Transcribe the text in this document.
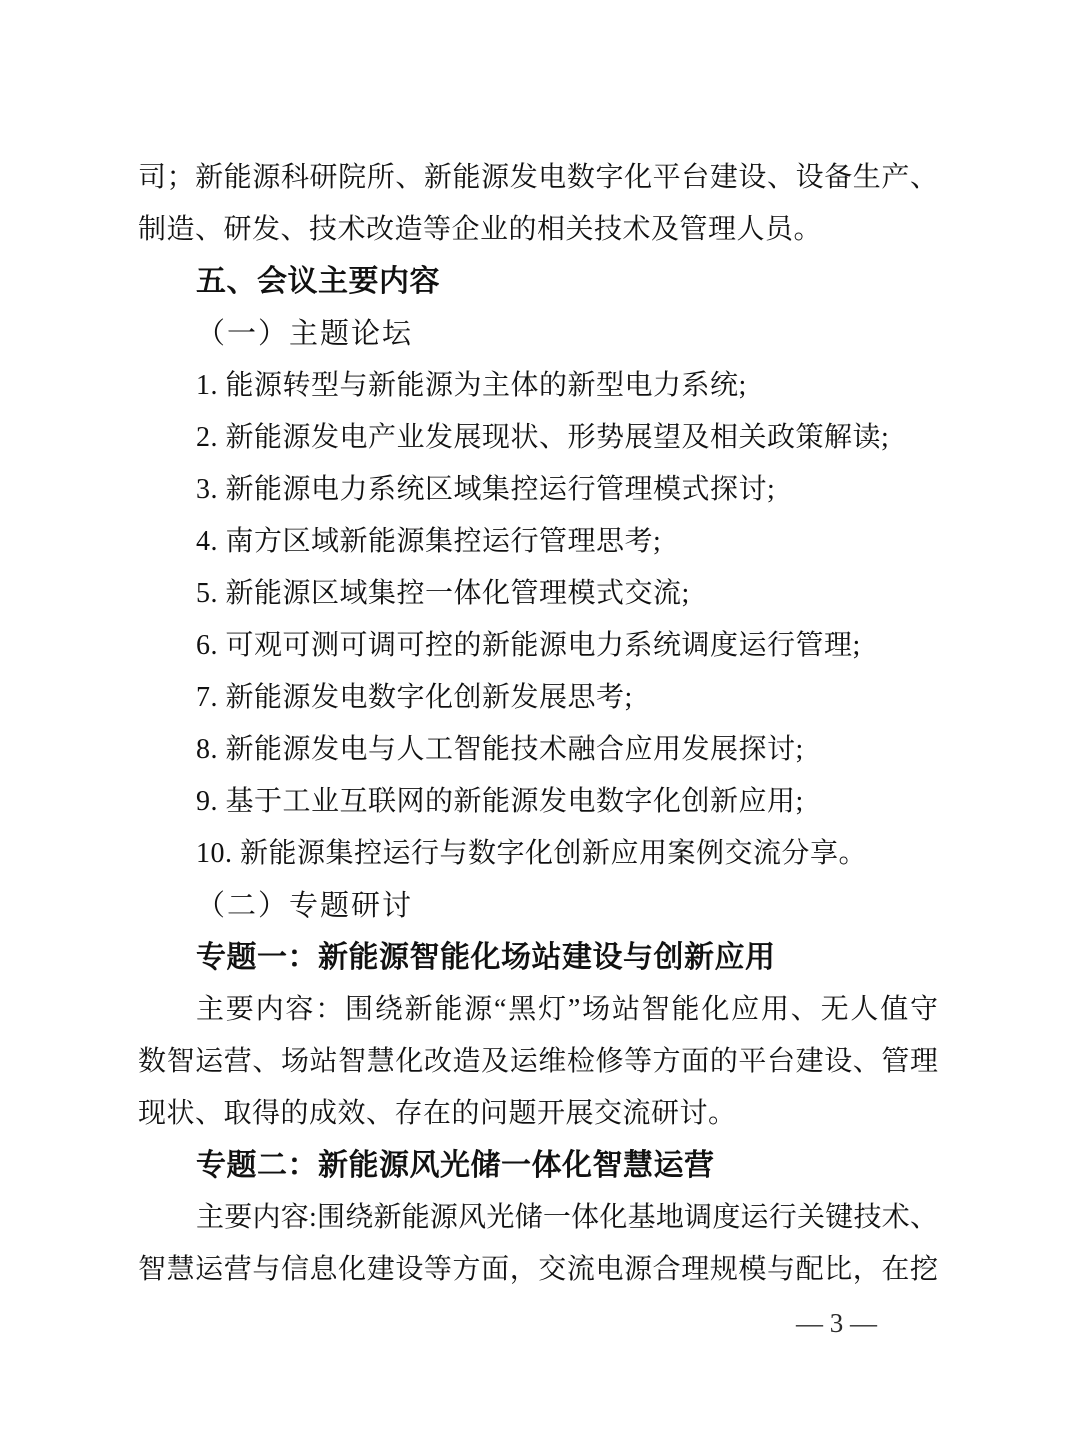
司；新能源科研院所、新能源发电数字化平台建设、设备生产、
制造、研发、技术改造等企业的相关技术及管理人员。
五、会议主要内容
（一）主题论坛
1. 能源转型与新能源为主体的新型电力系统;
2. 新能源发电产业发展现状、形势展望及相关政策解读;
3. 新能源电力系统区域集控运行管理模式探讨;
4. 南方区域新能源集控运行管理思考;
5. 新能源区域集控一体化管理模式交流;
6. 可观可测可调可控的新能源电力系统调度运行管理;
7. 新能源发电数字化创新发展思考;
8. 新能源发电与人工智能技术融合应用发展探讨;
9. 基于工业互联网的新能源发电数字化创新应用;
10. 新能源集控运行与数字化创新应用案例交流分享。
（二）专题研讨
专题一：新能源智能化场站建设与创新应用
主要内容：围绕新能源“黑灯”场站智能化应用、无人值守
数智运营、场站智慧化改造及运维检修等方面的平台建设、管理
现状、取得的成效、存在的问题开展交流研讨。
专题二：新能源风光储一体化智慧运营
主要内容:围绕新能源风光储一体化基地调度运行关键技术、
智慧运营与信息化建设等方面，交流电源合理规模与配比，在挖
— 3 —
